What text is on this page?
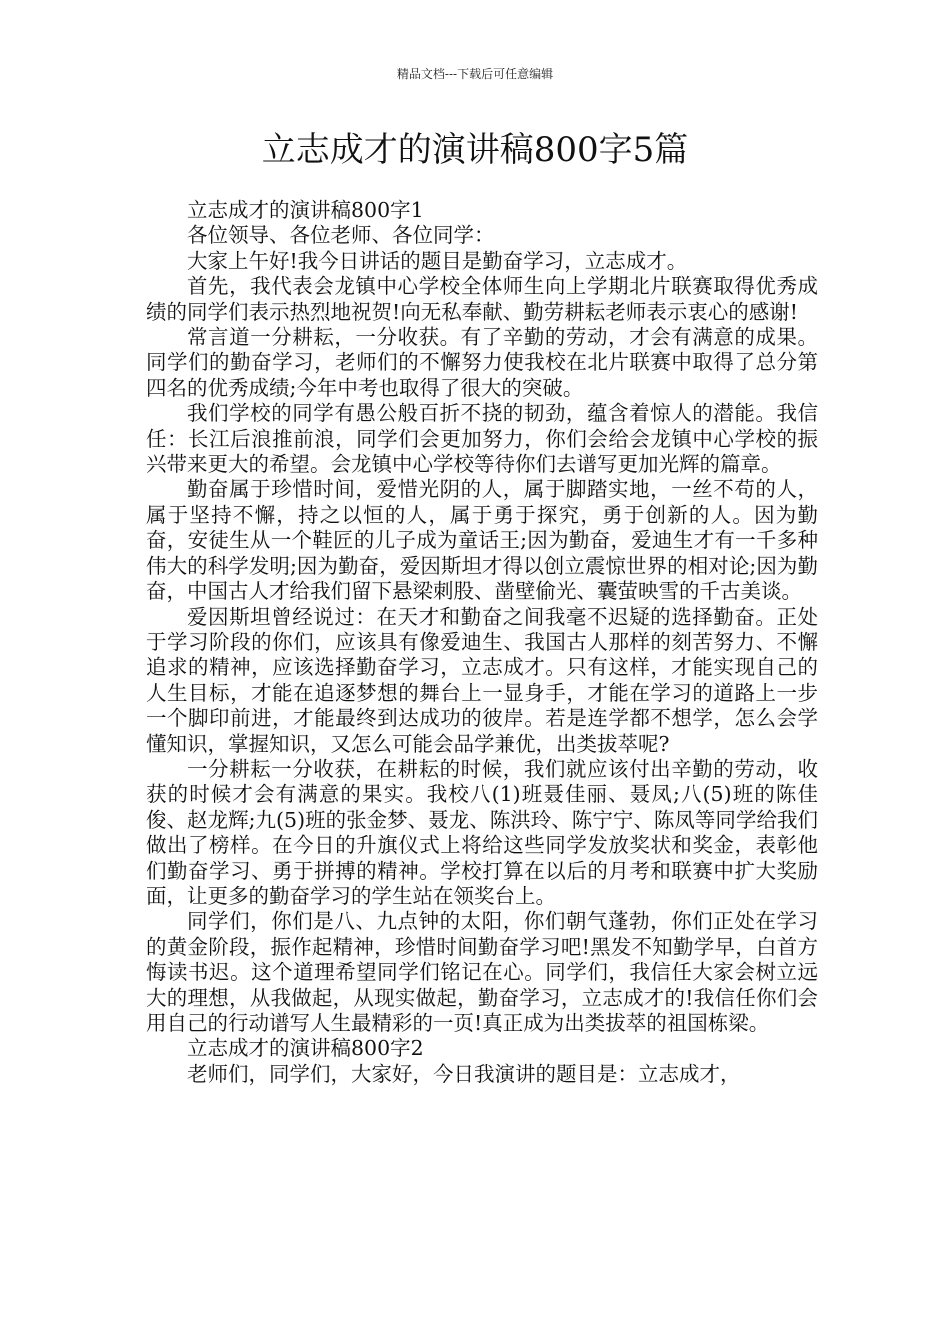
精品文档---下载后可任意编辑
立志成才的演讲稿800字5篇

立志成才的演讲稿800字1

各位领导、各位老师、各位同学：

大家上午好!我今日讲话的题目是勤奋学习，立志成才。

首先，我代表会龙镇中心学校全体师生向上学期北片联赛取得优秀成绩的同学们表示热烈地祝贺!向无私奉献、勤劳耕耘老师表示衷心的感谢!

常言道一分耕耘，一分收获。有了辛勤的劳动，才会有满意的成果。同学们的勤奋学习，老师们的不懈努力使我校在北片联赛中取得了总分第四名的优秀成绩;今年中考也取得了很大的突破。

我们学校的同学有愚公般百折不挠的韧劲，蕴含着惊人的潜能。我信任：长江后浪推前浪，同学们会更加努力，你们会给会龙镇中心学校的振兴带来更大的希望。会龙镇中心学校等待你们去谱写更加光辉的篇章。

勤奋属于珍惜时间，爱惜光阴的人，属于脚踏实地，一丝不苟的人，属于坚持不懈，持之以恒的人，属于勇于探究，勇于创新的人。因为勤奋，安徒生从一个鞋匠的儿子成为童话王;因为勤奋，爱迪生才有一千多种伟大的科学发明;因为勤奋，爱因斯坦才得以创立震惊世界的相对论;因为勤奋，中国古人才给我们留下悬梁刺股、凿壁偷光、囊萤映雪的千古美谈。

爱因斯坦曾经说过：在天才和勤奋之间我毫不迟疑的选择勤奋。正处于学习阶段的你们，应该具有像爱迪生、我国古人那样的刻苦努力、不懈追求的精神，应该选择勤奋学习，立志成才。只有这样，才能实现自己的人生目标，才能在追逐梦想的舞台上一显身手，才能在学习的道路上一步一个脚印前进，才能最终到达成功的彼岸。若是连学都不想学，怎么会学懂知识，掌握知识，又怎么可能会品学兼优，出类拔萃呢?

一分耕耘一分收获，在耕耘的时候，我们就应该付出辛勤的劳动，收获的时候才会有满意的果实。我校八(1)班聂佳丽、聂凤;八(5)班的陈佳俊、赵龙辉;九(5)班的张金梦、聂龙、陈洪玲、陈宁宁、陈凤等同学给我们做出了榜样。在今日的升旗仪式上将给这些同学发放奖状和奖金，表彰他们勤奋学习、勇于拼搏的精神。学校打算在以后的月考和联赛中扩大奖励面，让更多的勤奋学习的学生站在领奖台上。

同学们，你们是八、九点钟的太阳，你们朝气蓬勃，你们正处在学习的黄金阶段，振作起精神，珍惜时间勤奋学习吧!黑发不知勤学早，白首方悔读书迟。这个道理希望同学们铭记在心。同学们，我信任大家会树立远大的理想，从我做起，从现实做起，勤奋学习，立志成才的!我信任你们会用自己的行动谱写人生最精彩的一页!真正成为出类拔萃的祖国栋梁。

立志成才的演讲稿800字2

老师们，同学们，大家好，今日我演讲的题目是：立志成才，
